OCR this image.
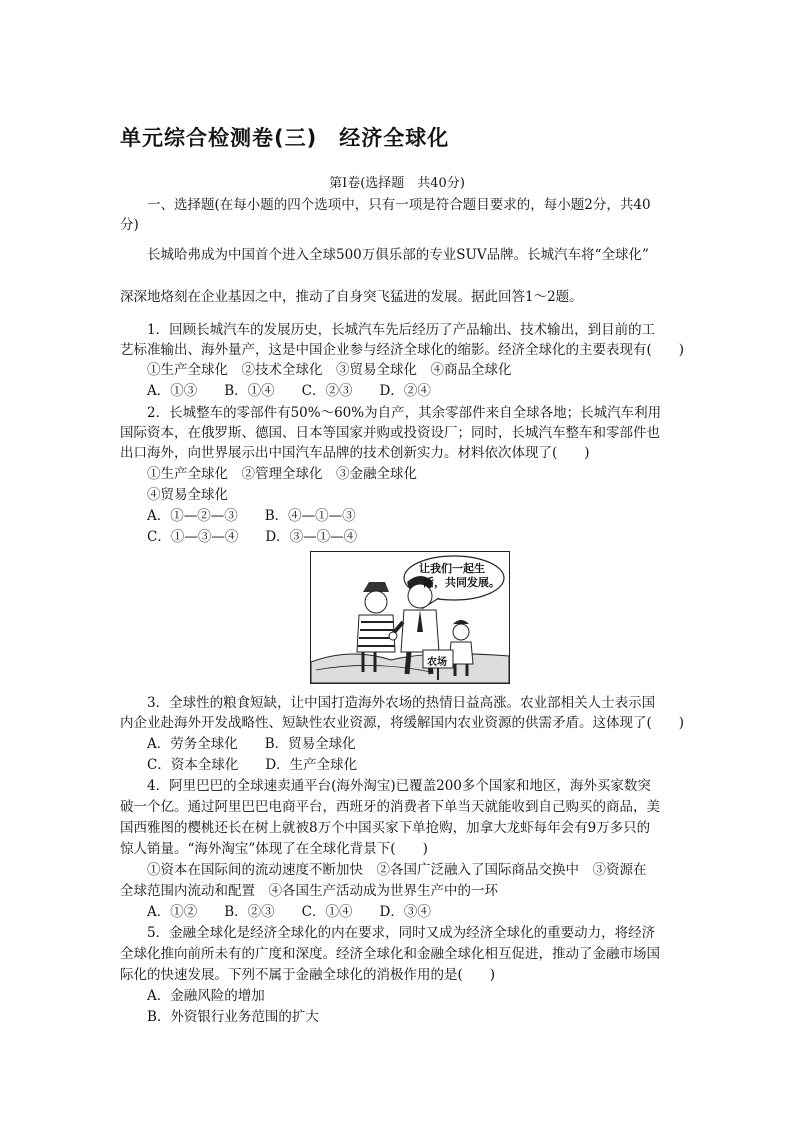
单元综合检测卷(三)　经济全球化
第Ⅰ卷(选择题　共40分)
一、选择题(在每小题的四个选项中，只有一项是符合题目要求的，每小题2分，共40
分)
长城哈弗成为中国首个进入全球500万俱乐部的专业SUV品牌。长城汽车将“全球化”
深深地烙刻在企业基因之中，推动了自身突飞猛进的发展。据此回答1～2题。
1．回顾长城汽车的发展历史，长城汽车先后经历了产品输出、技术输出，到目前的工
艺标准输出、海外量产，这是中国企业参与经济全球化的缩影。经济全球化的主要表现有(　　)
①生产全球化　②技术全球化　③贸易全球化　④商品全球化
A．①③　　B．①④　　C．②③　　D．②④
2．长城整车的零部件有50%～60%为自产，其余零部件来自全球各地；长城汽车利用
国际资本，在俄罗斯、德国、日本等国家并购或投资设厂；同时，长城汽车整车和零部件也
出口海外，向世界展示出中国汽车品牌的技术创新实力。材料依次体现了(　　)
①生产全球化　②管理全球化　③金融全球化
④贸易全球化
A．①—②—③　　B．④—①—③
C．①—③—④　　D．③—①—④
让我们一起生
活，共同发展。
农场
3．全球性的粮食短缺，让中国打造海外农场的热情日益高涨。农业部相关人士表示国
内企业赴海外开发战略性、短缺性农业资源，将缓解国内农业资源的供需矛盾。这体现了(　　)
A．劳务全球化　　B．贸易全球化
C．资本全球化　　D．生产全球化
4．阿里巴巴的全球速卖通平台(海外淘宝)已覆盖200多个国家和地区，海外买家数突
破一个亿。通过阿里巴巴电商平台，西班牙的消费者下单当天就能收到自己购买的商品，美
国西雅图的樱桃还长在树上就被8万个中国买家下单抢购，加拿大龙虾每年会有9万多只的
惊人销量。“海外淘宝”体现了在全球化背景下(　　)
①资本在国际间的流动速度不断加快　②各国广泛融入了国际商品交换中　③资源在
全球范围内流动和配置　④各国生产活动成为世界生产中的一环
A．①②　　B．②③　　C．①④　　D．③④
5．金融全球化是经济全球化的内在要求，同时又成为经济全球化的重要动力，将经济
全球化推向前所未有的广度和深度。经济全球化和金融全球化相互促进，推动了金融市场国
际化的快速发展。下列不属于金融全球化的消极作用的是(　　)
A．金融风险的增加
B．外资银行业务范围的扩大
